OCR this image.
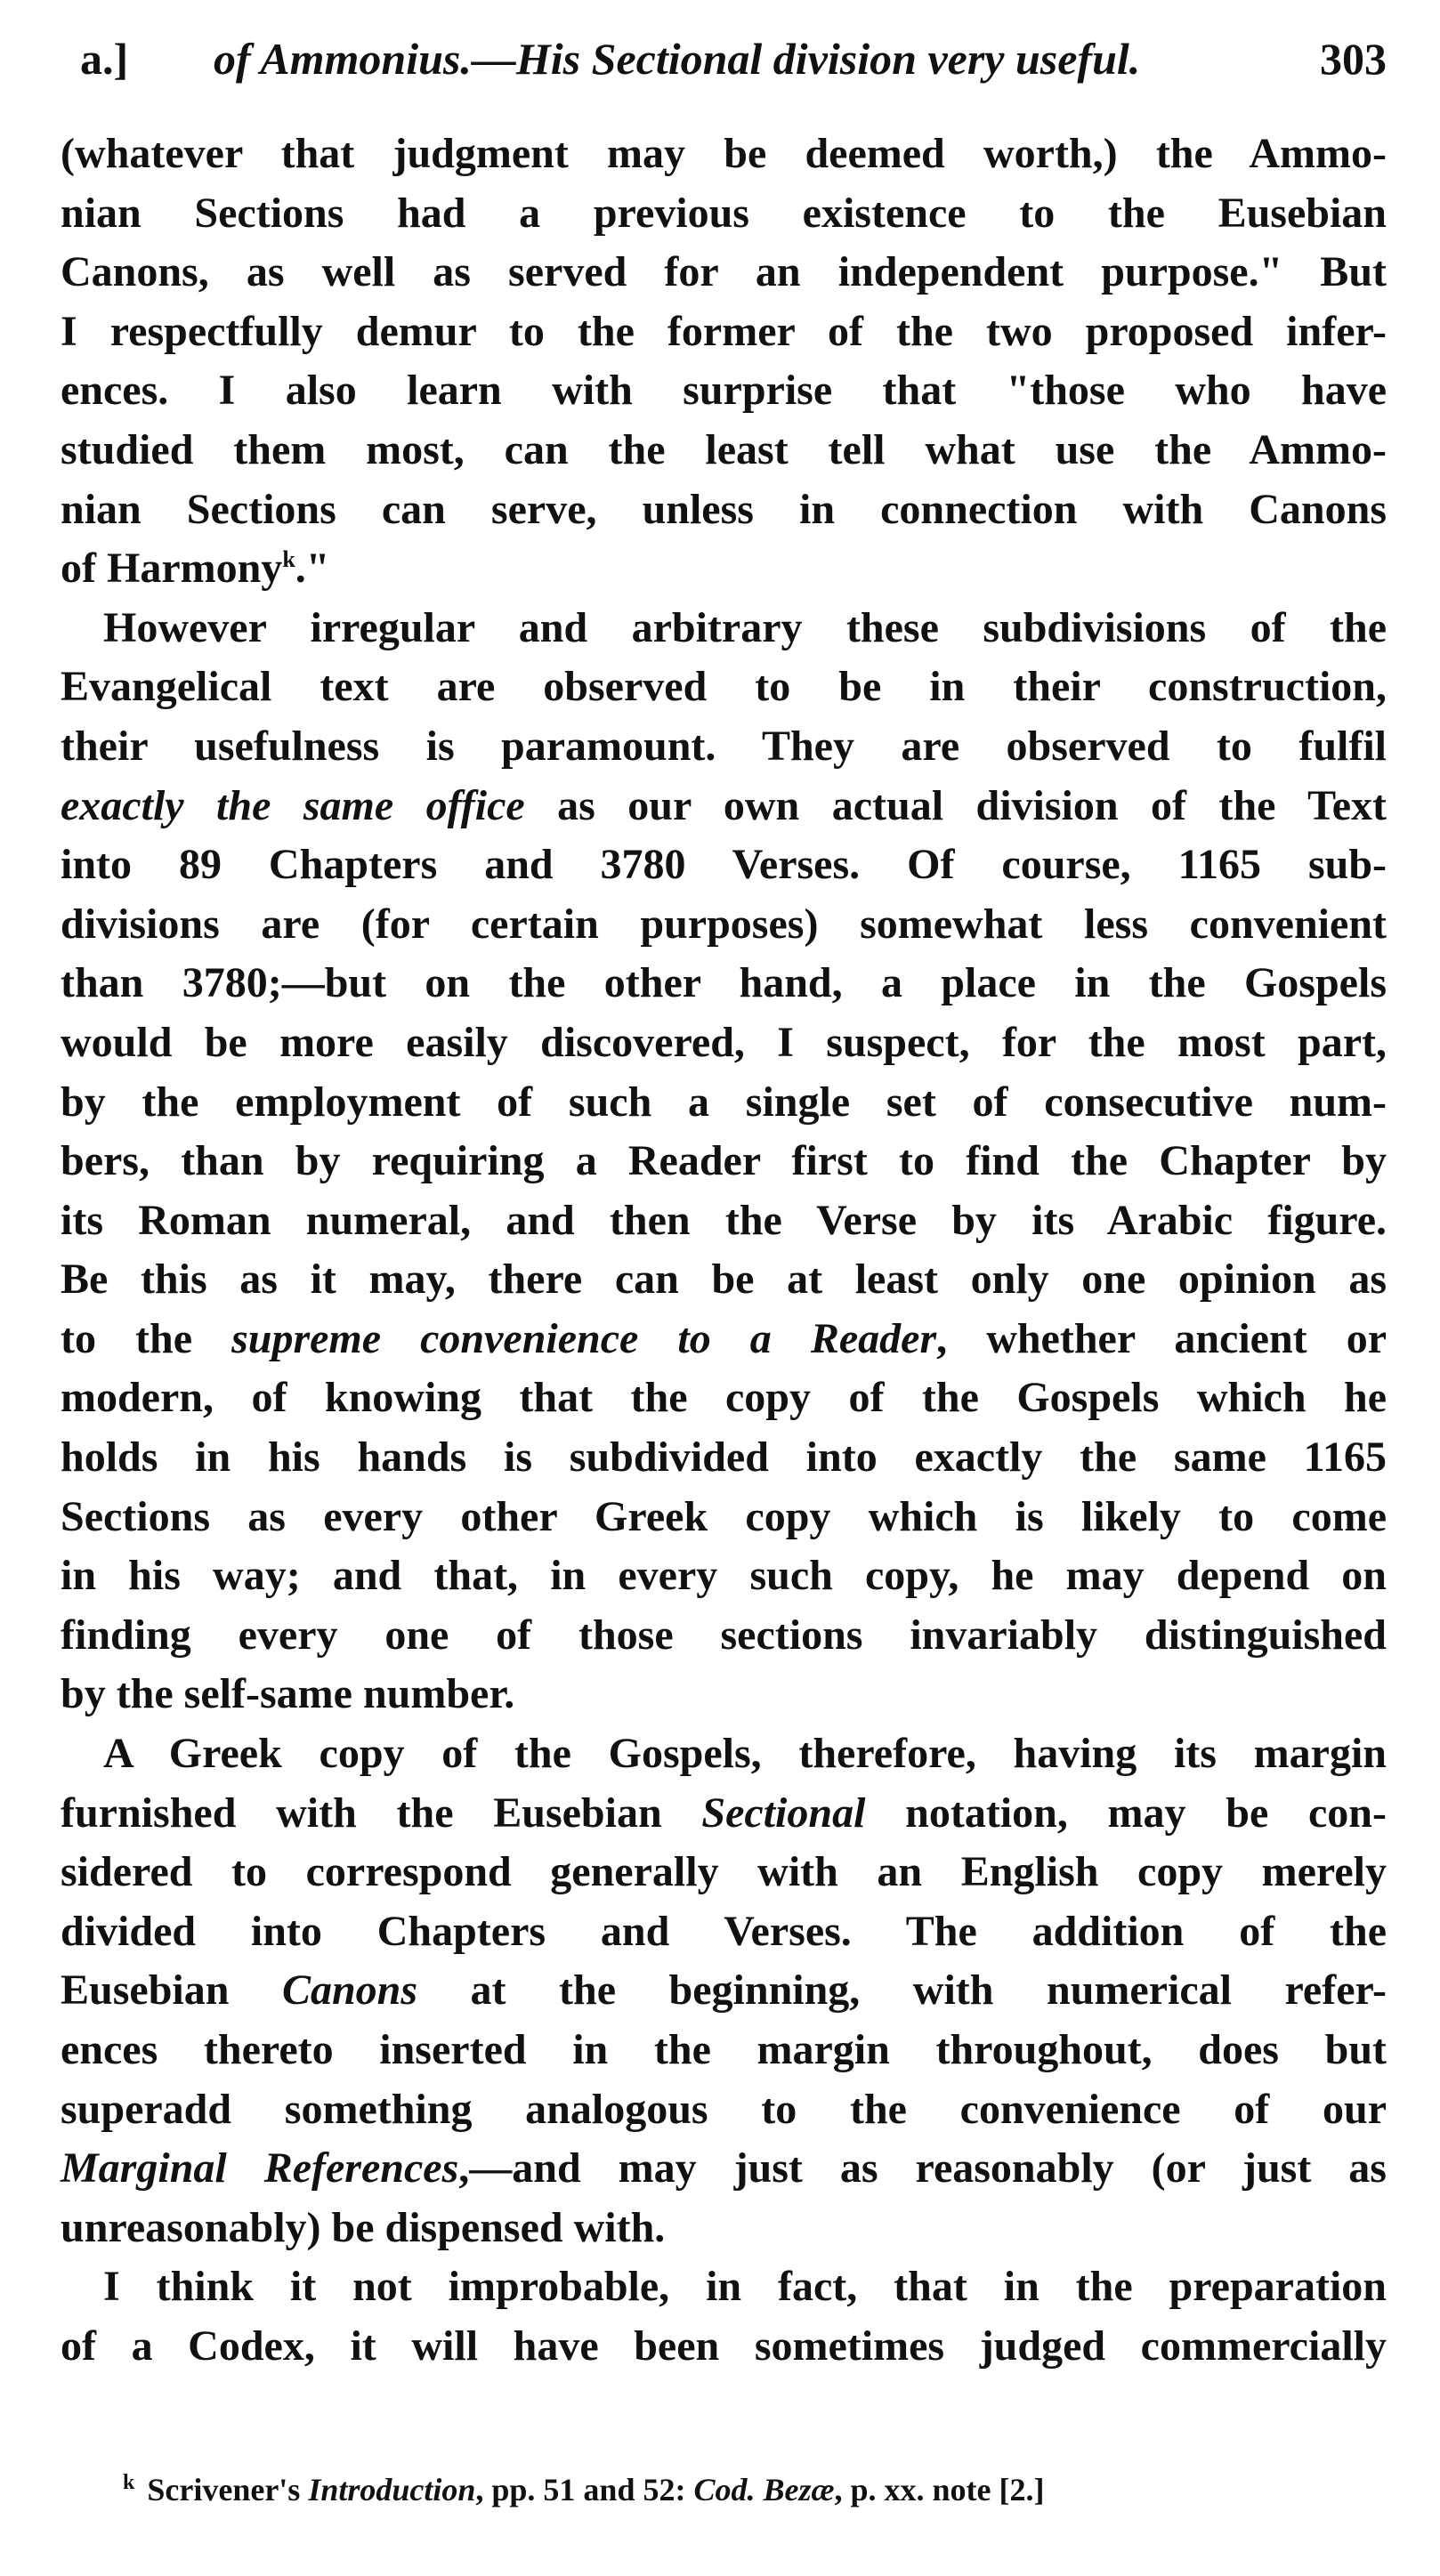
a.] of Ammonius.—His Sectional division very useful.	303
(whatever that judgment may be deemed worth,) the Ammo-
nian Sections had a previous existence to the Eusebian
Canons, as well as served for an independent purpose." But
I respectfully demur to the former of the two proposed infer-
ences. I also learn with surprise that "those who have
studied them most, can the least tell what use the Ammo-
nian Sections can serve, unless in connection with Canons
of Harmony$^k$."
However irregular and arbitrary these subdivisions of the
Evangelical text are observed to be in their construction,
their usefulness is paramount. They are observed to fulfil
exactly the same office as our own actual division of the Text
into 89 Chapters and 3780 Verses. Of course, 1165 sub-
divisions are (for certain purposes) somewhat less convenient
than 3780;—but on the other hand, a place in the Gospels
would be more easily discovered, I suspect, for the most part,
by the employment of such a single set of consecutive num-
bers, than by requiring a Reader first to find the Chapter by
its Roman numeral, and then the Verse by its Arabic figure.
Be this as it may, there can be at least only one opinion as
to the supreme convenience to a Reader, whether ancient or
modern, of knowing that the copy of the Gospels which he
holds in his hands is subdivided into exactly the same 1165
Sections as every other Greek copy which is likely to come
in his way; and that, in every such copy, he may depend on
finding every one of those sections invariably distinguished
by the self-same number.
A Greek copy of the Gospels, therefore, having its margin
furnished with the Eusebian Sectional notation, may be con-
sidered to correspond generally with an English copy merely
divided into Chapters and Verses. The addition of the
Eusebian Canons at the beginning, with numerical refer-
ences thereto inserted in the margin throughout, does but
superadd something analogous to the convenience of our
Marginal References,—and may just as reasonably (or just as
unreasonably) be dispensed with.
I think it not improbable, in fact, that in the preparation
of a Codex, it will have been sometimes judged commercially
$^k$ Scrivener's Introduction, pp. 51 and 52: Cod. Bezæ, p. xx. note [2.]
